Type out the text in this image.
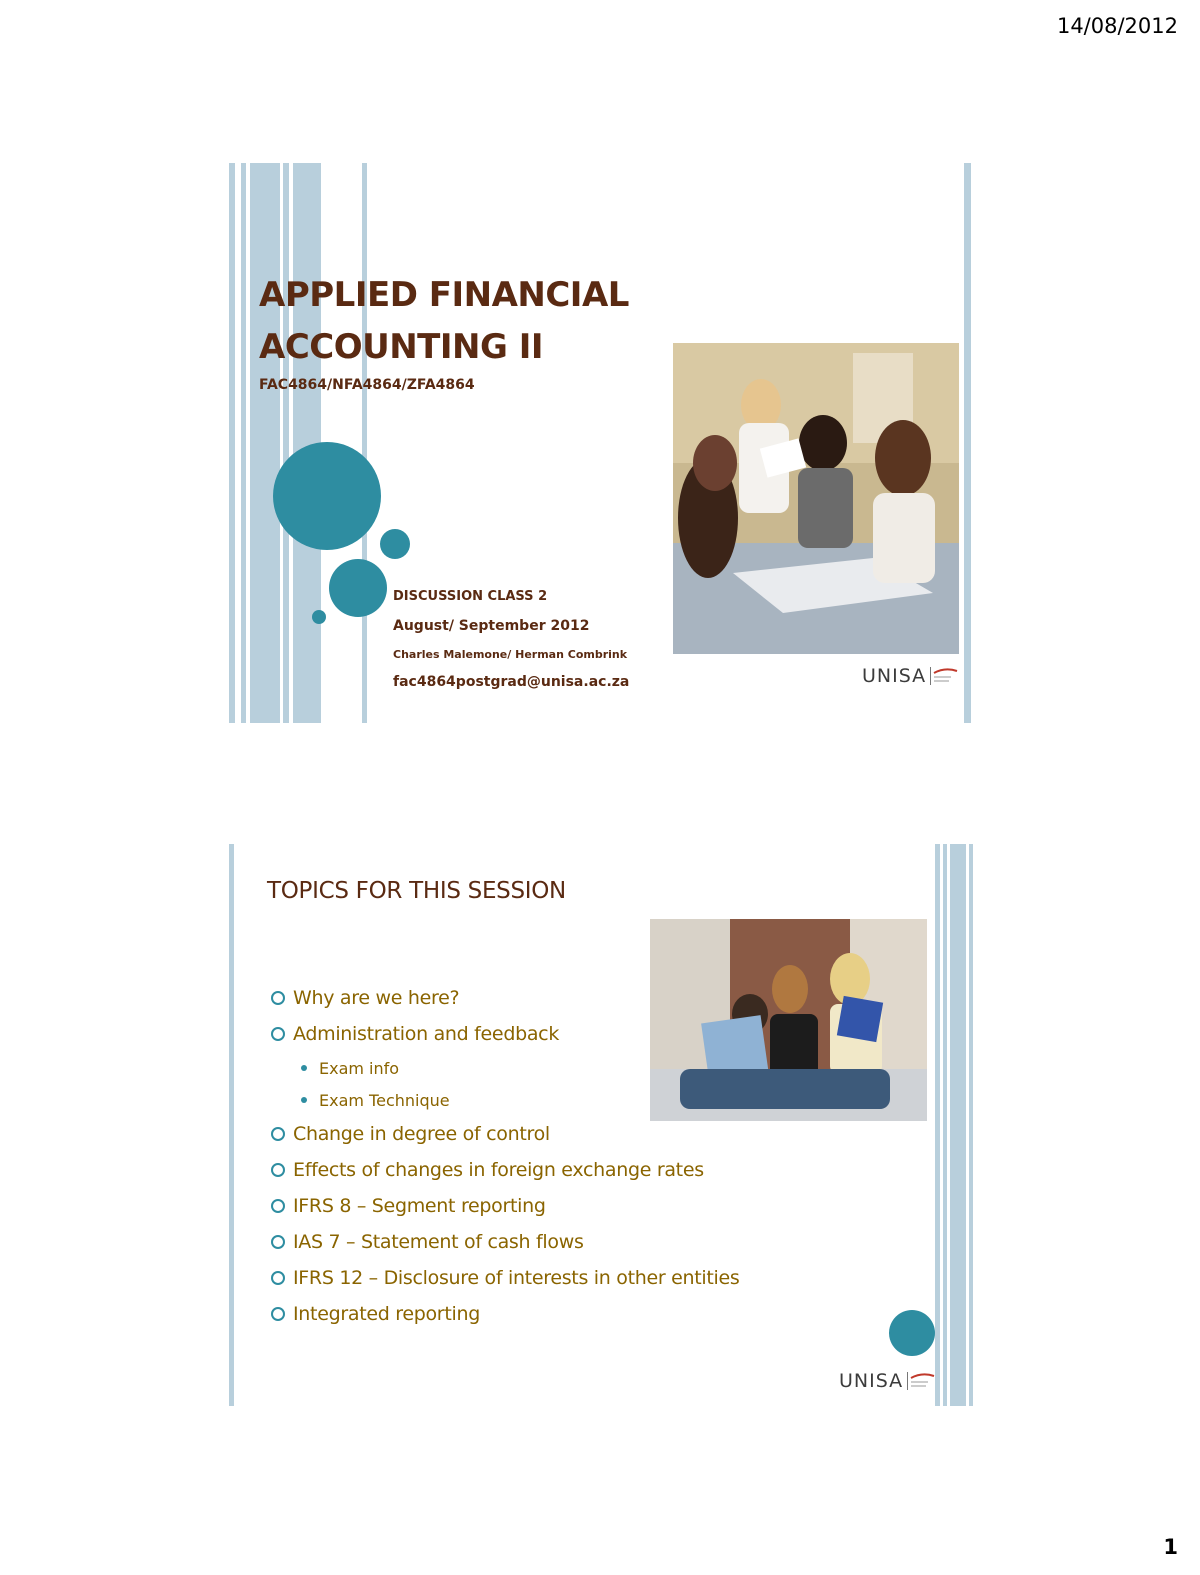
14/08/2012
APPLIED FINANCIAL
ACCOUNTING II
FAC4864/NFA4864/ZFA4864
DISCUSSION CLASS 2
August/ September 2012
Charles Malemone/ Herman Combrink
fac4864postgrad@unisa.ac.za	UNISA
TOPICS FOR THIS SESSION
Why are we here?
Administration and feedback
Exam info
Exam Technique
Change in degree of control
Effects of changes in foreign exchange rates
IFRS 8 – Segment reporting
IAS 7 – Statement of cash flows
IFRS 12 – Disclosure of interests in other entities
Integrated reporting
UNISA
1
